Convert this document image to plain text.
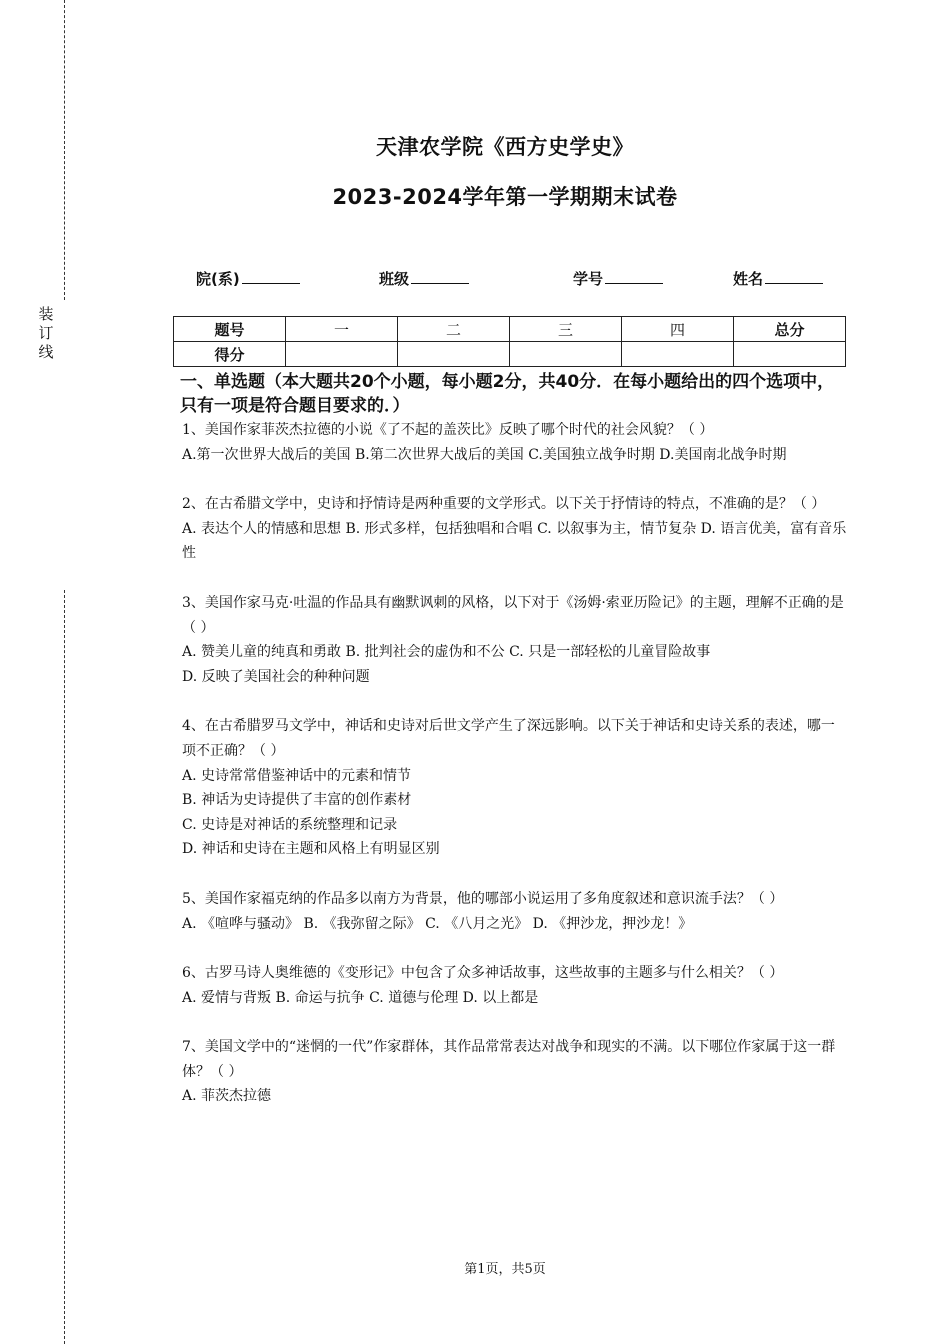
装
订
线
天津农学院《西方史学史》
2023-2024学年第一学期期末试卷
院(系)	班级	学号	姓名
题号	一	二	三	四	总分
得分					
一、单选题（本大题共20个小题，每小题2分，共40分．在每小题给出的四个选项中，只有一项是符合题目要求的．）
1、美国作家菲茨杰拉德的小说《了不起的盖茨比》反映了哪个时代的社会风貌？（ ）
A.第一次世界大战后的美国 B.第二次世界大战后的美国 C.美国独立战争时期 D.美国南北战争时期
2、在古希腊文学中，史诗和抒情诗是两种重要的文学形式。以下关于抒情诗的特点，不准确的是？（ ）
A. 表达个人的情感和思想 B. 形式多样，包括独唱和合唱 C. 以叙事为主，情节复杂 D. 语言优美，富有音乐性
3、美国作家马克·吐温的作品具有幽默讽刺的风格，以下对于《汤姆·索亚历险记》的主题，理解不正确的是（ ）
A. 赞美儿童的纯真和勇敢 B. 批判社会的虚伪和不公 C. 只是一部轻松的儿童冒险故事
D. 反映了美国社会的种种问题
4、在古希腊罗马文学中，神话和史诗对后世文学产生了深远影响。以下关于神话和史诗关系的表述，哪一项不正确？（ ）
A. 史诗常常借鉴神话中的元素和情节
B. 神话为史诗提供了丰富的创作素材
C. 史诗是对神话的系统整理和记录
D. 神话和史诗在主题和风格上有明显区别
5、美国作家福克纳的作品多以南方为背景，他的哪部小说运用了多角度叙述和意识流手法？（ ）
A. 《喧哗与骚动》 B. 《我弥留之际》 C. 《八月之光》 D. 《押沙龙，押沙龙！》
6、古罗马诗人奥维德的《变形记》中包含了众多神话故事，这些故事的主题多与什么相关？（ ）
A. 爱情与背叛 B. 命运与抗争 C. 道德与伦理 D. 以上都是
7、美国文学中的“迷惘的一代”作家群体，其作品常常表达对战争和现实的不满。以下哪位作家属于这一群体？（ ）
A. 菲茨杰拉德
第1页，共5页
